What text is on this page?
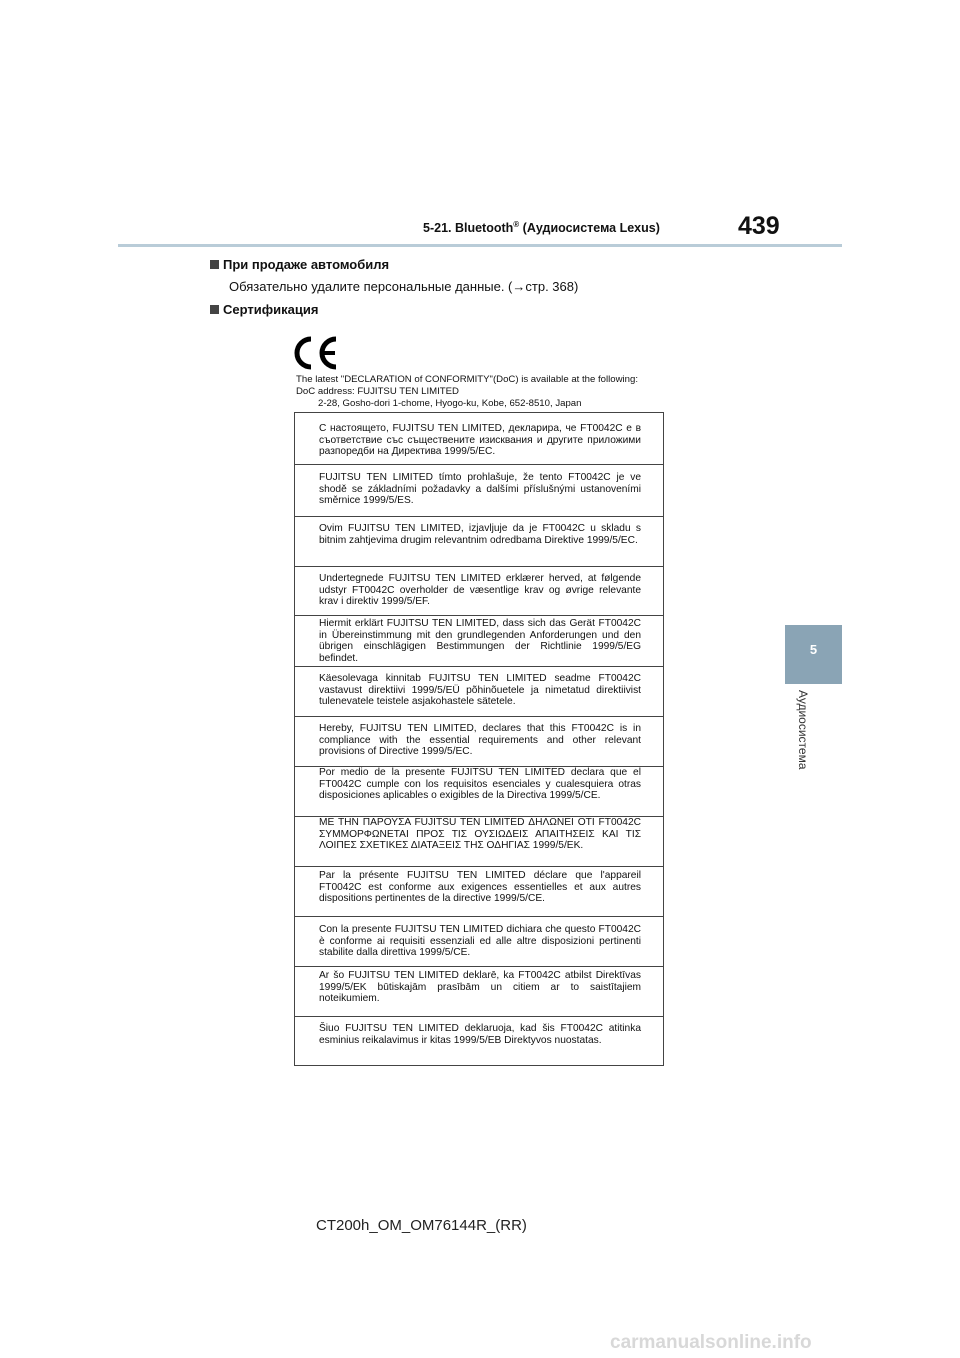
5-21. Bluetooth® (Аудиосистема Lexus)	439
5
Аудиосистема
При продаже автомобиля
Обязательно удалите персональные данные. (→стр. 368)
Сертификация
The latest "DECLARATION of CONFORMITY"(DoC) is available at the following:
DoC address: FUJITSU TEN LIMITED
2-28, Gosho-dori 1-chome, Hyogo-ku, Kobe, 652-8510, Japan
С настоящето, FUJITSU TEN LIMITED, декларира, че FT0042C е в съответствие със съществените изисквания и другите приложими разпоредби на Директива 1999/5/ЕС.
FUJITSU TEN LIMITED tímto prohlašuje, že tento FT0042C je ve shodě se základními požadavky a dalšími příslušnými ustanoveními směrnice 1999/5/ES.
Ovim FUJITSU TEN LIMITED, izjavljuje da je FT0042C u skladu s bitnim zahtjevima drugim relevantnim odredbama Direktive 1999/5/EC.
Undertegnede FUJITSU TEN LIMITED erklærer herved, at følgende udstyr FT0042C overholder de væsentlige krav og øvrige relevante krav i direktiv 1999/5/EF.
Hiermit erklärt FUJITSU TEN LIMITED, dass sich das Gerät FT0042C in Übereinstimmung mit den grundlegenden Anforderungen und den übrigen einschlägigen Bestimmungen der Richtlinie 1999/5/EG befindet.
Käesolevaga kinnitab FUJITSU TEN LIMITED seadme FT0042C vastavust direktiivi 1999/5/EÜ põhinõuetele ja nimetatud direktiivist tulenevatele teistele asjakohastele sätetele.
Hereby, FUJITSU TEN LIMITED, declares that this FT0042C is in compliance with the essential requirements and other relevant provisions of Directive 1999/5/EC.
Por medio de la presente FUJITSU TEN LIMITED declara que el FT0042C cumple con los requisitos esenciales y cualesquiera otras disposiciones aplicables o exigibles de la Directiva 1999/5/CE.
ΜΕ ΤΗΝ ΠΑΡΟΥΣΑ FUJITSU TEN LIMITED ΔΗΛΩΝΕΙ ΟΤΙ FT0042C ΣΥΜΜΟΡΦΩΝΕΤΑΙ ΠΡΟΣ ΤΙΣ ΟΥΣΙΩΔΕΙΣ ΑΠΑΙΤΗΣΕΙΣ ΚΑΙ ΤΙΣ ΛΟΙΠΕΣ ΣΧΕΤΙΚΕΣ ΔΙΑΤΑΞΕΙΣ ΤΗΣ ΟΔΗΓΙΑΣ 1999/5/ΕΚ.
Par la présente FUJITSU TEN LIMITED déclare que l'appareil FT0042C est conforme aux exigences essentielles et aux autres dispositions pertinentes de la directive 1999/5/CE.
Con la presente FUJITSU TEN LIMITED dichiara che questo FT0042C è conforme ai requisiti essenziali ed alle altre disposizioni pertinenti stabilite dalla direttiva 1999/5/CE.
Ar šo FUJITSU TEN LIMITED deklarē, ka FT0042C atbilst Direktīvas 1999/5/EK būtiskajām prasībām un citiem ar to saistītajiem noteikumiem.
Šiuo FUJITSU TEN LIMITED deklaruoja, kad šis FT0042C atitinka esminius reikalavimus ir kitas 1999/5/EB Direktyvos nuostatas.
CT200h_OM_OM76144R_(RR)
carmanualsonline.info
